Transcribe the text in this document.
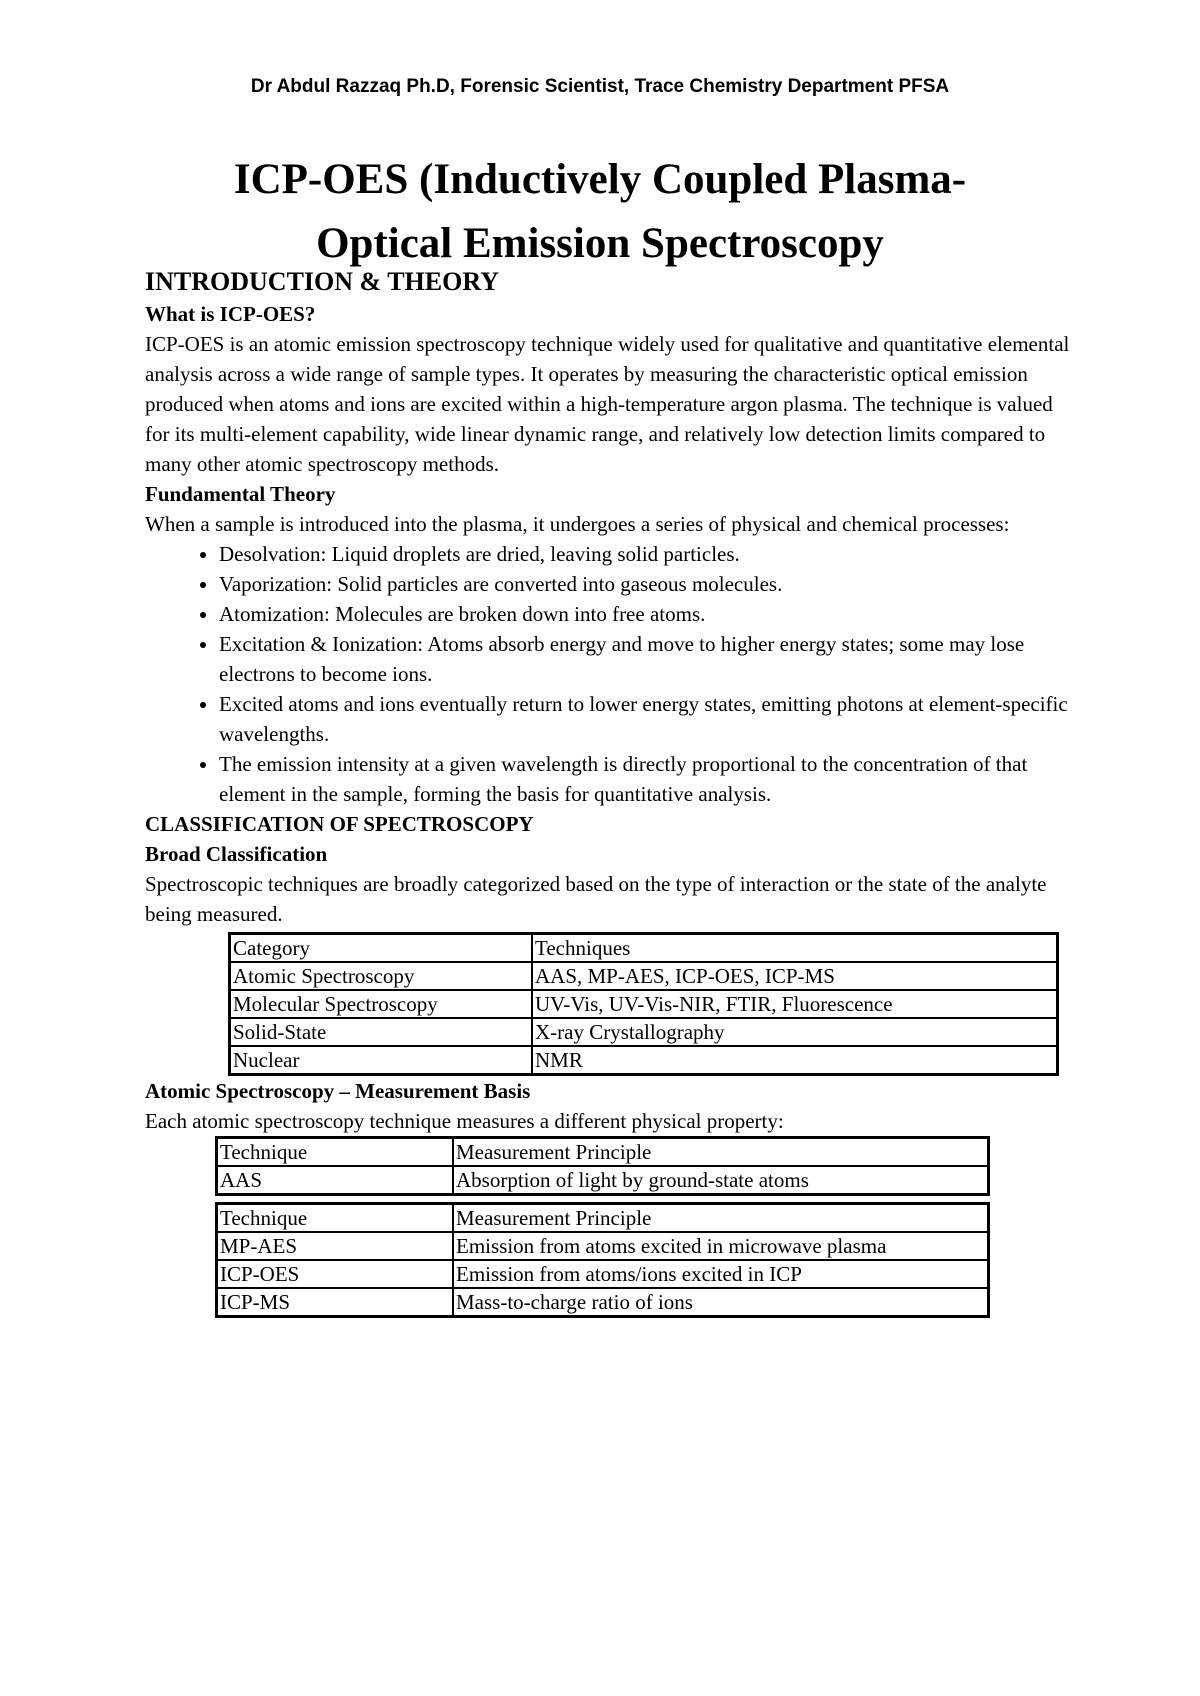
Dr Abdul Razzaq Ph.D, Forensic Scientist, Trace Chemistry Department PFSA
ICP-OES (Inductively Coupled Plasma-
Optical Emission Spectroscopy
INTRODUCTION & THEORY
What is ICP-OES?

ICP-OES is an atomic emission spectroscopy technique widely used for qualitative and quantitative elemental analysis across a wide range of sample types. It operates by measuring the characteristic optical emission produced when atoms and ions are excited within a high-temperature argon plasma. The technique is valued for its multi-element capability, wide linear dynamic range, and relatively low detection limits compared to many other atomic spectroscopy methods.

Fundamental Theory

When a sample is introduced into the plasma, it undergoes a series of physical and chemical processes:

• Desolvation: Liquid droplets are dried, leaving solid particles.
• Vaporization: Solid particles are converted into gaseous molecules.
• Atomization: Molecules are broken down into free atoms.
• Excitation & Ionization: Atoms absorb energy and move to higher energy states; some may lose electrons to become ions.
• Excited atoms and ions eventually return to lower energy states, emitting photons at element-specific wavelengths.
• The emission intensity at a given wavelength is directly proportional to the concentration of that element in the sample, forming the basis for quantitative analysis.
CLASSIFICATION OF SPECTROSCOPY
Broad Classification

Spectroscopic techniques are broadly categorized based on the type of interaction or the state of the analyte being measured.

Category	Techniques
Atomic Spectroscopy	AAS, MP-AES, ICP-OES, ICP-MS
Molecular Spectroscopy	UV-Vis, UV-Vis-NIR, FTIR, Fluorescence
Solid-State	X-ray Crystallography
Nuclear	NMR
Atomic Spectroscopy – Measurement Basis

Each atomic spectroscopy technique measures a different physical property:

Technique	Measurement Principle
AAS	Absorption of light by ground-state atoms
Technique	Measurement Principle
MP-AES	Emission from atoms excited in microwave plasma
ICP-OES	Emission from atoms/ions excited in ICP
ICP-MS	Mass-to-charge ratio of ions
